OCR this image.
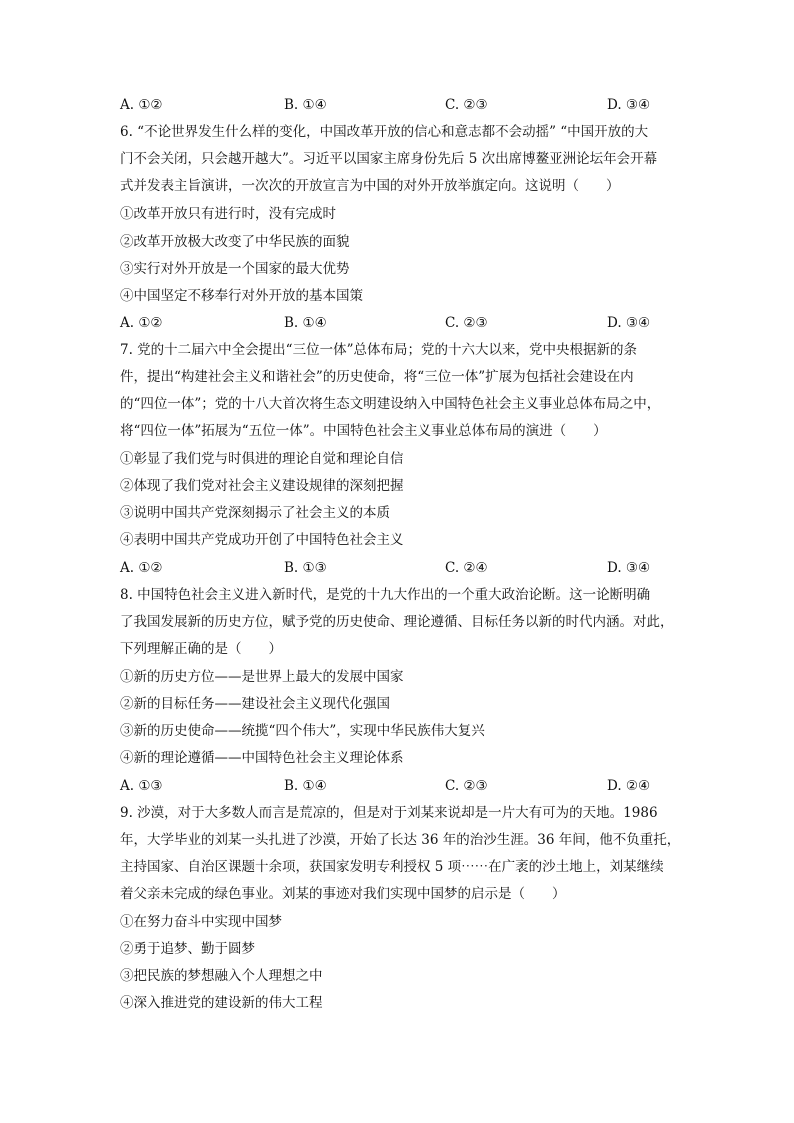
A. ①②	B. ①④	C. ②③	D. ③④
6. “不论世界发生什么样的变化，中国改革开放的信心和意志都不会动摇” “中国开放的大
门不会关闭，只会越开越大”。习近平以国家主席身份先后 5 次出席博鳌亚洲论坛年会开幕
式并发表主旨演讲，一次次的开放宣言为中国的对外开放举旗定向。这说明（　　）
①改革开放只有进行时，没有完成时
②改革开放极大改变了中华民族的面貌
③实行对外开放是一个国家的最大优势
④中国坚定不移奉行对外开放的基本国策
A. ①②	B. ①④	C. ②③	D. ③④
7. 党的十二届六中全会提出“三位一体”总体布局；党的十六大以来，党中央根据新的条
件，提出“构建社会主义和谐社会”的历史使命，将“三位一体”扩展为包括社会建设在内
的“四位一体”；党的十八大首次将生态文明建设纳入中国特色社会主义事业总体布局之中，
将“四位一体”拓展为“五位一体”。中国特色社会主义事业总体布局的演进（　　）
①彰显了我们党与时俱进的理论自觉和理论自信
②体现了我们党对社会主义建设规律的深刻把握
③说明中国共产党深刻揭示了社会主义的本质
④表明中国共产党成功开创了中国特色社会主义
A. ①②	B. ①③	C. ②④	D. ③④
8. 中国特色社会主义进入新时代，是党的十九大作出的一个重大政治论断。这一论断明确
了我国发展新的历史方位，赋予党的历史使命、理论遵循、目标任务以新的时代内涵。对此，
下列理解正确的是（　　）
①新的历史方位——是世界上最大的发展中国家
②新的目标任务——建设社会主义现代化强国
③新的历史使命——统揽“四个伟大”，实现中华民族伟大复兴
④新的理论遵循——中国特色社会主义理论体系
A. ①③	B. ①④	C. ②③	D. ②④
9. 沙漠，对于大多数人而言是荒凉的，但是对于刘某来说却是一片大有可为的天地。1986
年，大学毕业的刘某一头扎进了沙漠，开始了长达 36 年的治沙生涯。36 年间，他不负重托，
主持国家、自治区课题十余项，获国家发明专利授权 5 项⋯⋯在广袤的沙土地上，刘某继续
着父亲未完成的绿色事业。刘某的事迹对我们实现中国梦的启示是（　　）
①在努力奋斗中实现中国梦
②勇于追梦、勤于圆梦
③把民族的梦想融入个人理想之中
④深入推进党的建设新的伟大工程
